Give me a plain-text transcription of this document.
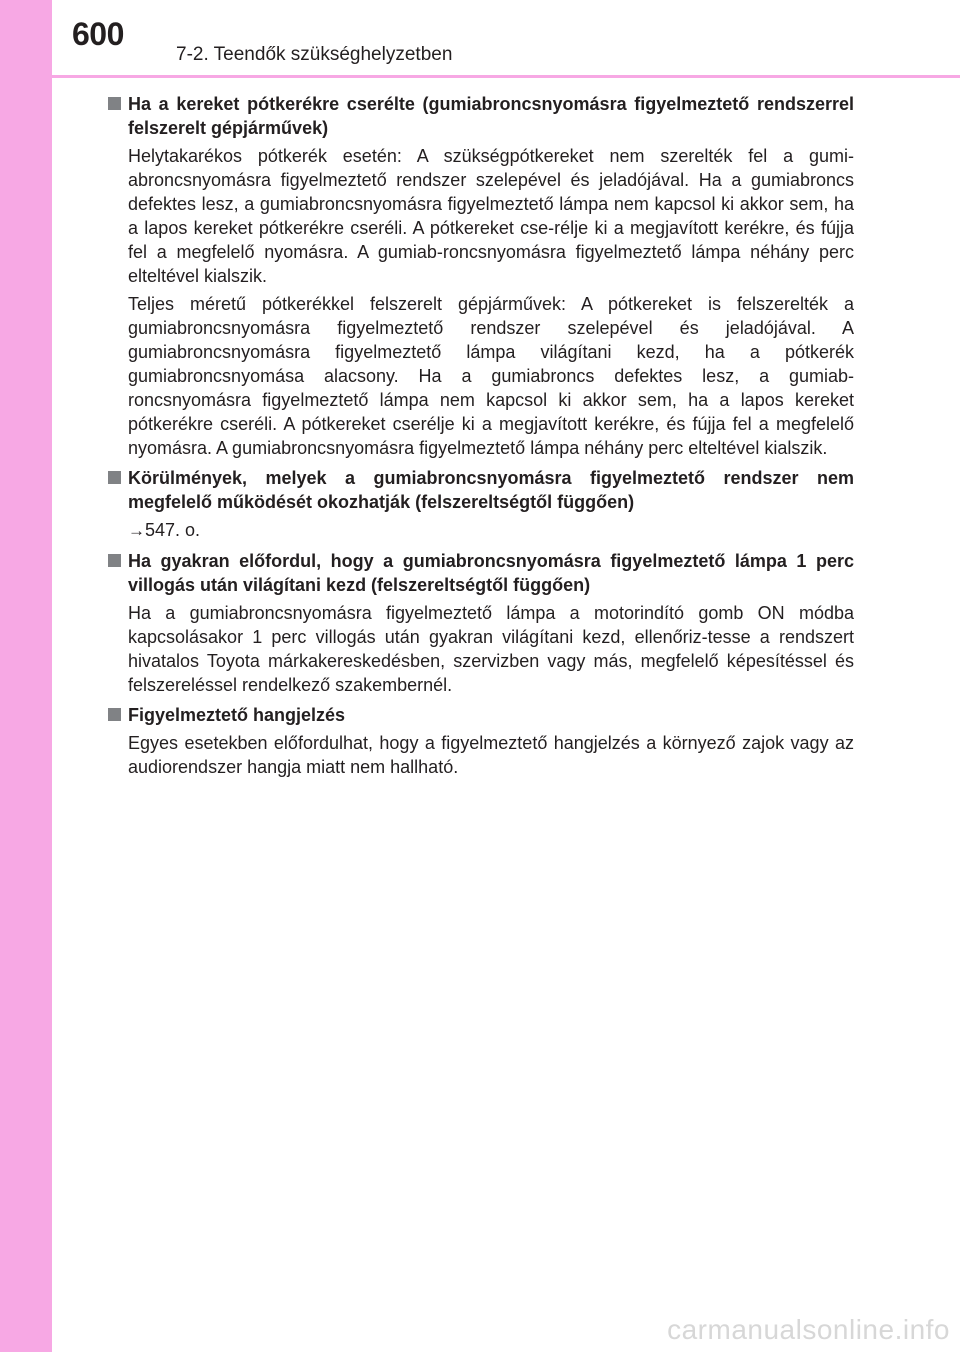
600
7-2. Teendők szükséghelyzetben
Ha a kereket pótkerékre cserélte (gumiabroncsnyomásra figyelmeztető rendszerrel felszerelt gépjárművek)

Helytakarékos pótkerék esetén: A szükségpótkereket nem szerelték fel a gumi-abroncsnyomásra figyelmeztető rendszer szelepével és jeladójával. Ha a gumiabroncs defektes lesz, a gumiabroncsnyomásra figyelmeztető lámpa nem kapcsol ki akkor sem, ha a lapos kereket pótkerékre cseréli. A pótkereket cse-rélje ki a megjavított kerékre, és fújja fel a megfelelő nyomásra. A gumiab-roncsnyomásra figyelmeztető lámpa néhány perc elteltével kialszik.

Teljes méretű pótkerékkel felszerelt gépjárművek: A pótkereket is felszerelték a gumiabroncsnyomásra figyelmeztető rendszer szelepével és jeladójával. A gumiabroncsnyomásra figyelmeztető lámpa világítani kezd, ha a pótkerék gumiabroncsnyomása alacsony. Ha a gumiabroncs defektes lesz, a gumiab-roncsnyomásra figyelmeztető lámpa nem kapcsol ki akkor sem, ha a lapos kereket pótkerékre cseréli. A pótkereket cserélje ki a megjavított kerékre, és fújja fel a megfelelő nyomásra. A gumiabroncsnyomásra figyelmeztető lámpa néhány perc elteltével kialszik.

Körülmények, melyek a gumiabroncsnyomásra figyelmeztető rendszer nem megfelelő működését okozhatják (felszereltségtől függően)

→547. o.

Ha gyakran előfordul, hogy a gumiabroncsnyomásra figyelmeztető lámpa 1 perc villogás után világítani kezd (felszereltségtől függően)

Ha a gumiabroncsnyomásra figyelmeztető lámpa a motorindító gomb ON módba kapcsolásakor 1 perc villogás után gyakran világítani kezd, ellenőriz-tesse a rendszert hivatalos Toyota márkakereskedésben, szervizben vagy más, megfelelő képesítéssel és felszereléssel rendelkező szakembernél.

Figyelmeztető hangjelzés

Egyes esetekben előfordulhat, hogy a figyelmeztető hangjelzés a környező zajok vagy az audiorendszer hangja miatt nem hallható.

carmanualsonline.info
